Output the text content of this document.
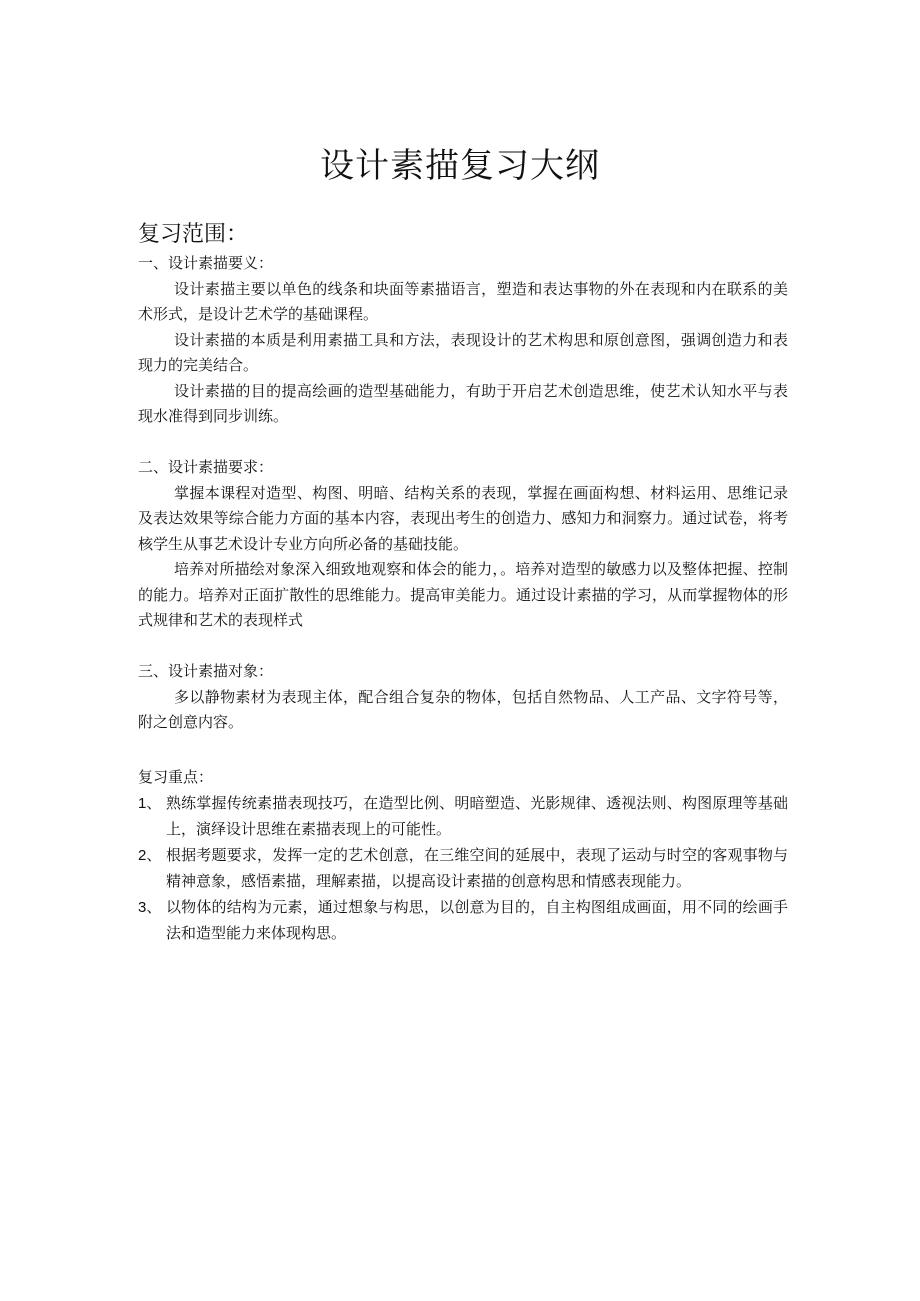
设计素描复习大纲
复习范围：

一、设计素描要义：

设计素描主要以单色的线条和块面等素描语言，塑造和表达事物的外在表现和内在联系的美术形式，是设计艺术学的基础课程。

设计素描的本质是利用素描工具和方法，表现设计的艺术构思和原创意图，强调创造力和表现力的完美结合。

设计素描的目的提高绘画的造型基础能力，有助于开启艺术创造思维，使艺术认知水平与表现水准得到同步训练。

二、设计素描要求：

掌握本课程对造型、构图、明暗、结构关系的表现，掌握在画面构想、材料运用、思维记录及表达效果等综合能力方面的基本内容，表现出考生的创造力、感知力和洞察力。通过试卷，将考核学生从事艺术设计专业方向所必备的基础技能。

培养对所描绘对象深入细致地观察和体会的能力，。培养对造型的敏感力以及整体把握、控制的能力。培养对正面扩散性的思维能力。提高审美能力。通过设计素描的学习，从而掌握物体的形式规律和艺术的表现样式

三、设计素描对象：

多以静物素材为表现主体，配合组合复杂的物体，包括自然物品、人工产品、文字符号等，附之创意内容。

复习重点：

1、 熟练掌握传统素描表现技巧，在造型比例、明暗塑造、光影规律、透视法则、构图原理等基础上，演绎设计思维在素描表现上的可能性。

2、 根据考题要求，发挥一定的艺术创意，在三维空间的延展中，表现了运动与时空的客观事物与精神意象，感悟素描，理解素描，以提高设计素描的创意构思和情感表现能力。

3、 以物体的结构为元素，通过想象与构思，以创意为目的，自主构图组成画面，用不同的绘画手法和造型能力来体现构思。
